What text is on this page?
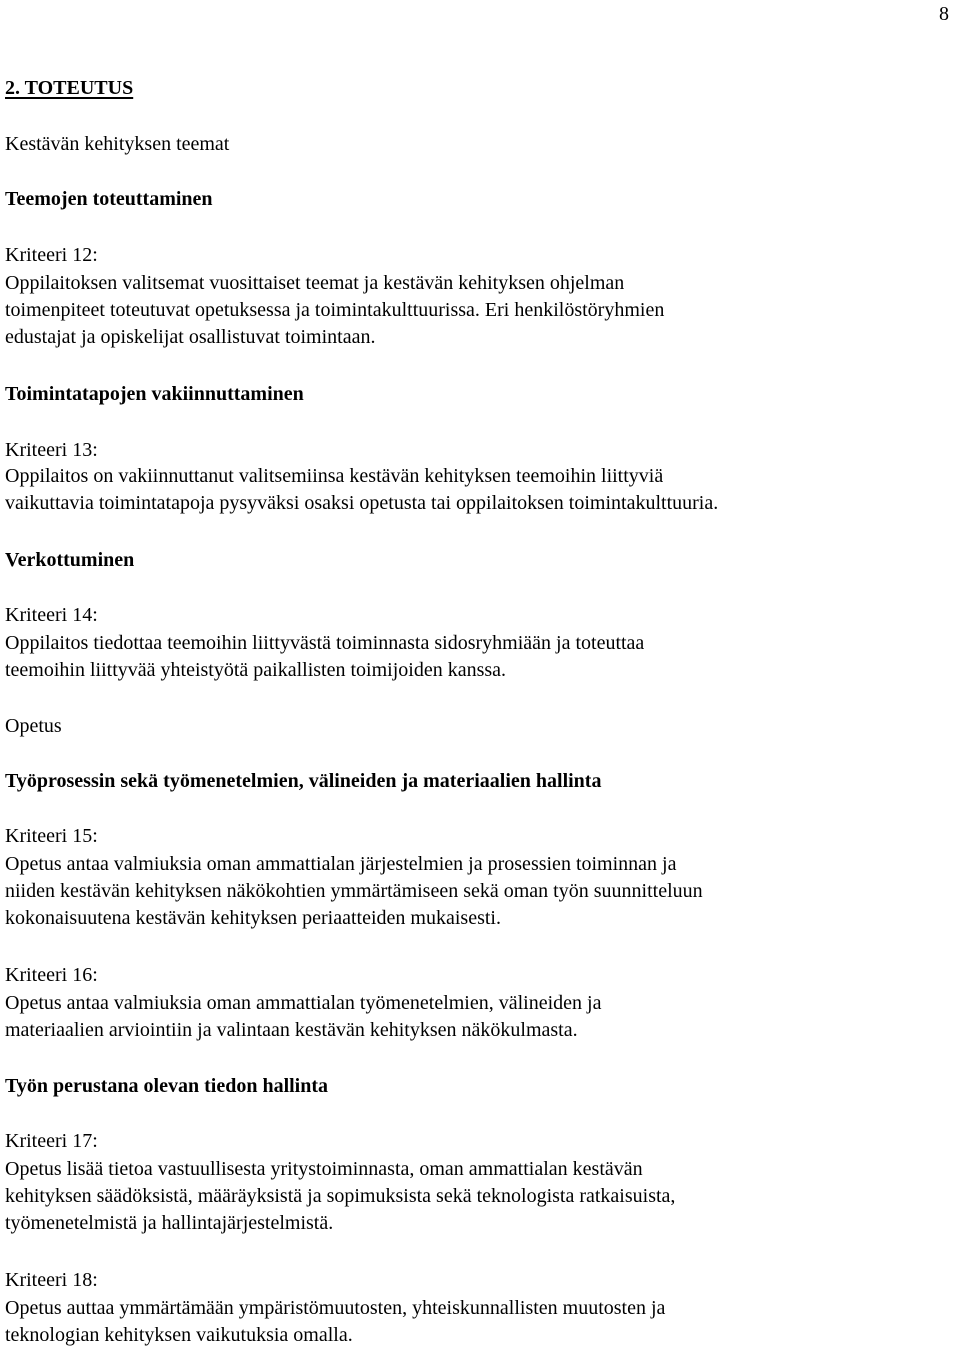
8
2. TOTEUTUS
Kestävän kehityksen teemat
Teemojen toteuttaminen
Kriteeri 12:
Oppilaitoksen valitsemat vuosittaiset teemat ja kestävän kehityksen ohjelman
toimenpiteet toteutuvat opetuksessa ja toimintakulttuurissa. Eri henkilöstöryhmien
edustajat ja opiskelijat osallistuvat toimintaan.
Toimintatapojen vakiinnuttaminen
Kriteeri 13:
Oppilaitos on vakiinnuttanut valitsemiinsa kestävän kehityksen teemoihin liittyviä
vaikuttavia toimintatapoja pysyväksi osaksi opetusta tai oppilaitoksen toimintakulttuuria.
Verkottuminen
Kriteeri 14:
Oppilaitos tiedottaa teemoihin liittyvästä toiminnasta sidosryhmiään ja toteuttaa
teemoihin liittyvää yhteistyötä paikallisten toimijoiden kanssa.
Opetus
Työprosessin sekä työmenetelmien, välineiden ja materiaalien hallinta
Kriteeri 15:
Opetus antaa valmiuksia oman ammattialan järjestelmien ja prosessien toiminnan ja
niiden kestävän kehityksen näkökohtien ymmärtämiseen sekä oman työn suunnitteluun
kokonaisuutena kestävän kehityksen periaatteiden mukaisesti.
Kriteeri 16:
Opetus antaa valmiuksia oman ammattialan työmenetelmien, välineiden ja
materiaalien arviointiin ja valintaan kestävän kehityksen näkökulmasta.
Työn perustana olevan tiedon hallinta
Kriteeri 17:
Opetus lisää tietoa vastuullisesta yritystoiminnasta, oman ammattialan kestävän
kehityksen säädöksistä, määräyksistä ja sopimuksista sekä teknologista ratkaisuista,
työmenetelmistä ja hallintajärjestelmistä.
Kriteeri 18:
Opetus auttaa ymmärtämään ympäristömuutosten, yhteiskunnallisten muutosten ja
teknologian kehityksen vaikutuksia omalla.
